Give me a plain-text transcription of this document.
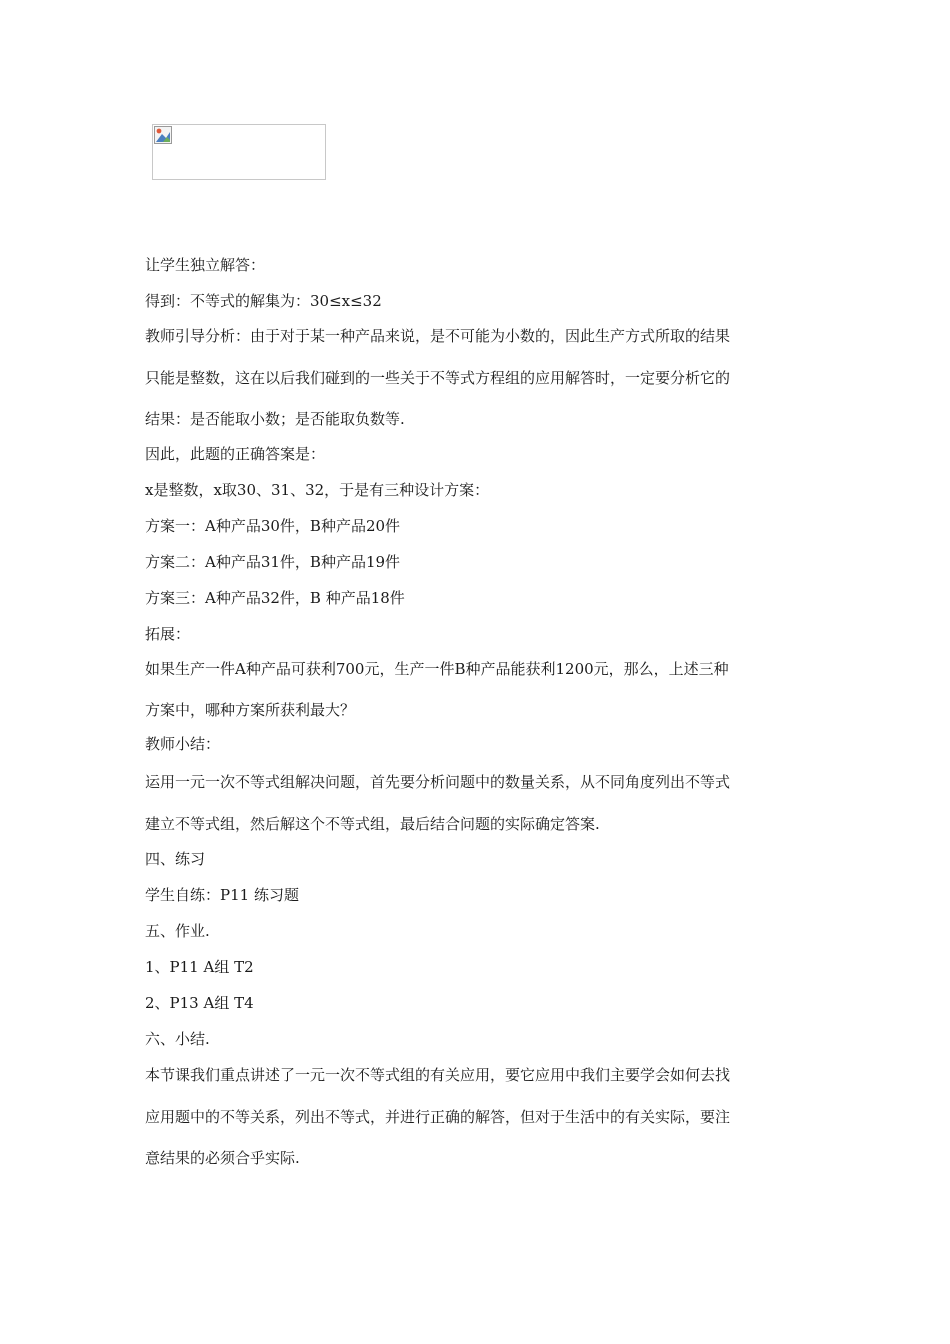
让学生独立解答：
得到：不等式的解集为：30≤x≤32
教师引导分析：由于对于某一种产品来说，是不可能为小数的，因此生产方式所取的结果
只能是整数，这在以后我们碰到的一些关于不等式方程组的应用解答时，一定要分析它的
结果：是否能取小数；是否能取负数等.
因此，此题的正确答案是：
x是整数，x取30、31、32，于是有三种设计方案：
方案一：A种产品30件，B种产品20件
方案二：A种产品31件，B种产品19件
方案三：A种产品32件，B 种产品18件
拓展：
如果生产一件A种产品可获利700元，生产一件B种产品能获利1200元，那么，上述三种
方案中，哪种方案所获利最大？
教师小结：
运用一元一次不等式组解决问题，首先要分析问题中的数量关系，从不同角度列出不等式
建立不等式组，然后解这个不等式组，最后结合问题的实际确定答案.
四、练习
学生自练：P11 练习题
五、作业.
1、P11 A组 T2
2、P13 A组 T4
六、小结.
本节课我们重点讲述了一元一次不等式组的有关应用，要它应用中我们主要学会如何去找
应用题中的不等关系，列出不等式，并进行正确的解答，但对于生活中的有关实际，要注
意结果的必须合乎实际.
